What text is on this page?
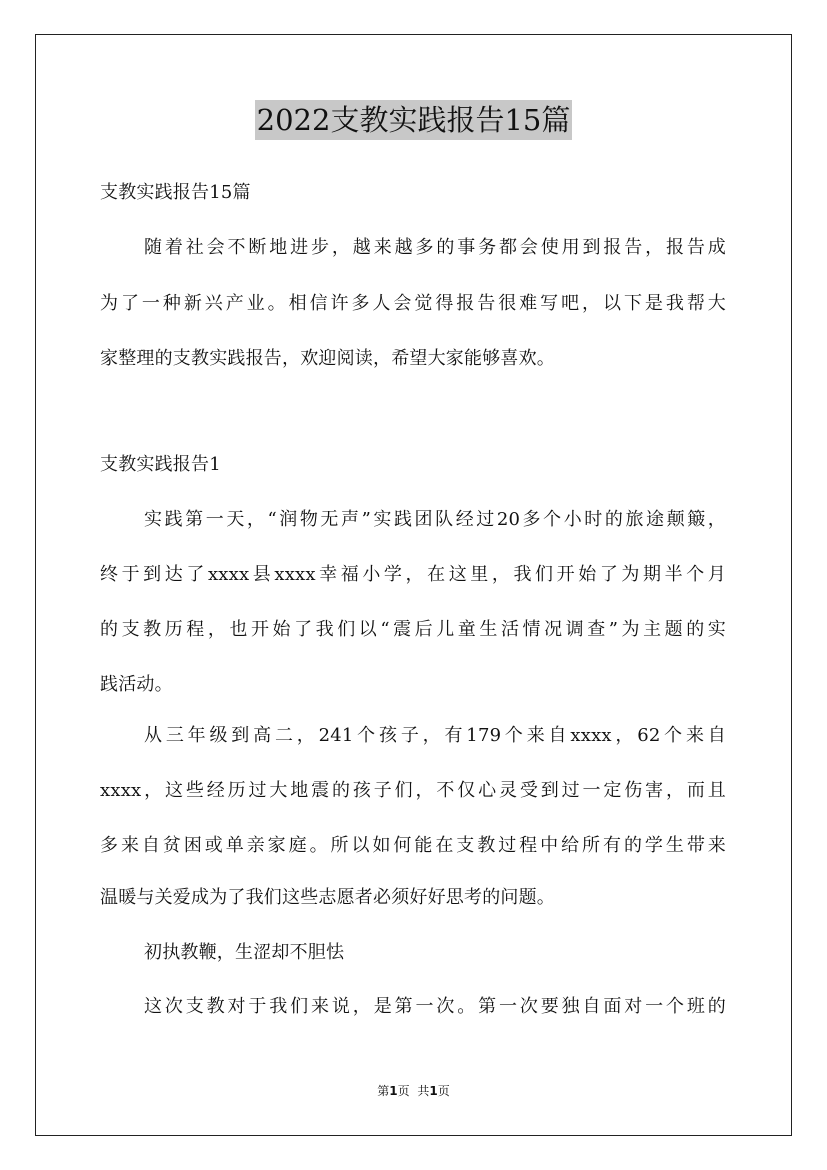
2022支教实践报告15篇
支教实践报告15篇
随着社会不断地进步，越来越多的事务都会使用到报告，报告成
为了一种新兴产业。相信许多人会觉得报告很难写吧，以下是我帮大
家整理的支教实践报告，欢迎阅读，希望大家能够喜欢。
支教实践报告1
实践第一天，“润物无声”实践团队经过20多个小时的旅途颠簸，
终于到达了xxxx县xxxx幸福小学，在这里，我们开始了为期半个月
的支教历程，也开始了我们以“震后儿童生活情况调查”为主题的实
践活动。
从三年级到高二，241个孩子，有179个来自xxxx，62个来自
xxxx，这些经历过大地震的孩子们，不仅心灵受到过一定伤害，而且
多来自贫困或单亲家庭。所以如何能在支教过程中给所有的学生带来
温暖与关爱成为了我们这些志愿者必须好好思考的问题。
初执教鞭，生涩却不胆怯
这次支教对于我们来说，是第一次。第一次要独自面对一个班的
第1页 共1页
